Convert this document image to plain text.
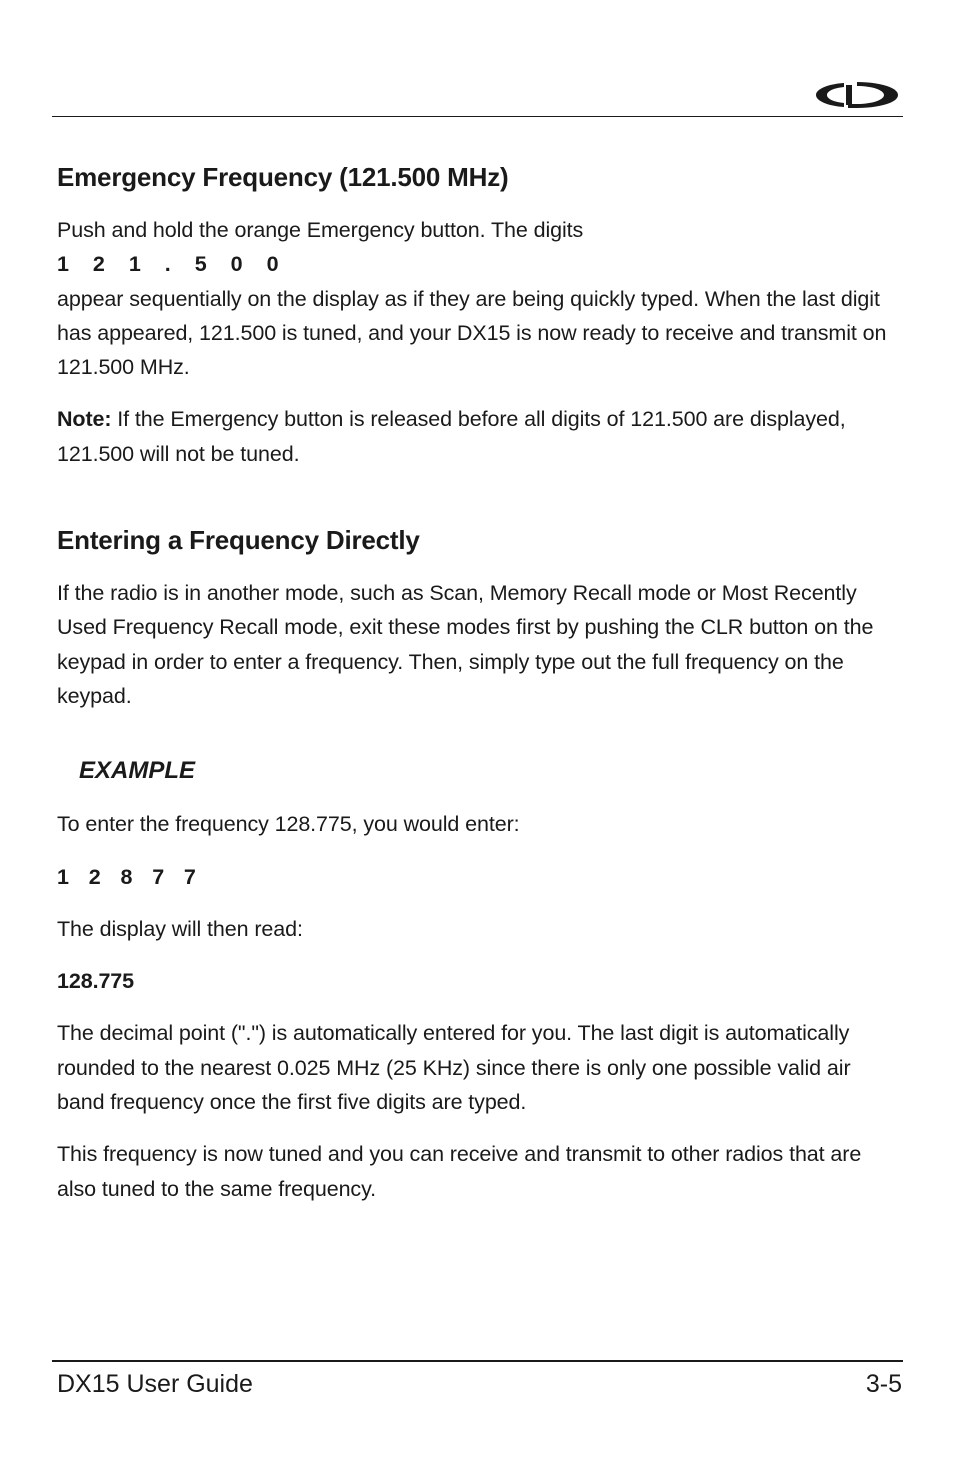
Emergency Frequency (121.500 MHz)

Push and hold the orange Emergency button. The digits
1 2 1 . 5 0 0
appear sequentially on the display as if they are being quickly typed. When the last digit has appeared, 121.500 is tuned, and your DX15 is now ready to receive and transmit on 121.500 MHz.

Note: If the Emergency button is released before all digits of 121.500 are displayed, 121.500 will not be tuned.

Entering a Frequency Directly

If the radio is in another mode, such as Scan, Memory Recall mode or Most Recently Used Frequency Recall mode, exit these modes first by pushing the CLR button on the keypad in order to enter a frequency. Then, simply type out the full frequency on the keypad.

EXAMPLE

To enter the frequency 128.775, you would enter:

1 2 8 7 7

The display will then read:

128.775

The decimal point (".") is automatically entered for you. The last digit is automatically rounded to the nearest 0.025 MHz (25 KHz) since there is only one possible valid air band frequency once the first five digits are typed.

This frequency is now tuned and you can receive and transmit to other radios that are also tuned to the same frequency.

DX15 User Guide	3-5
